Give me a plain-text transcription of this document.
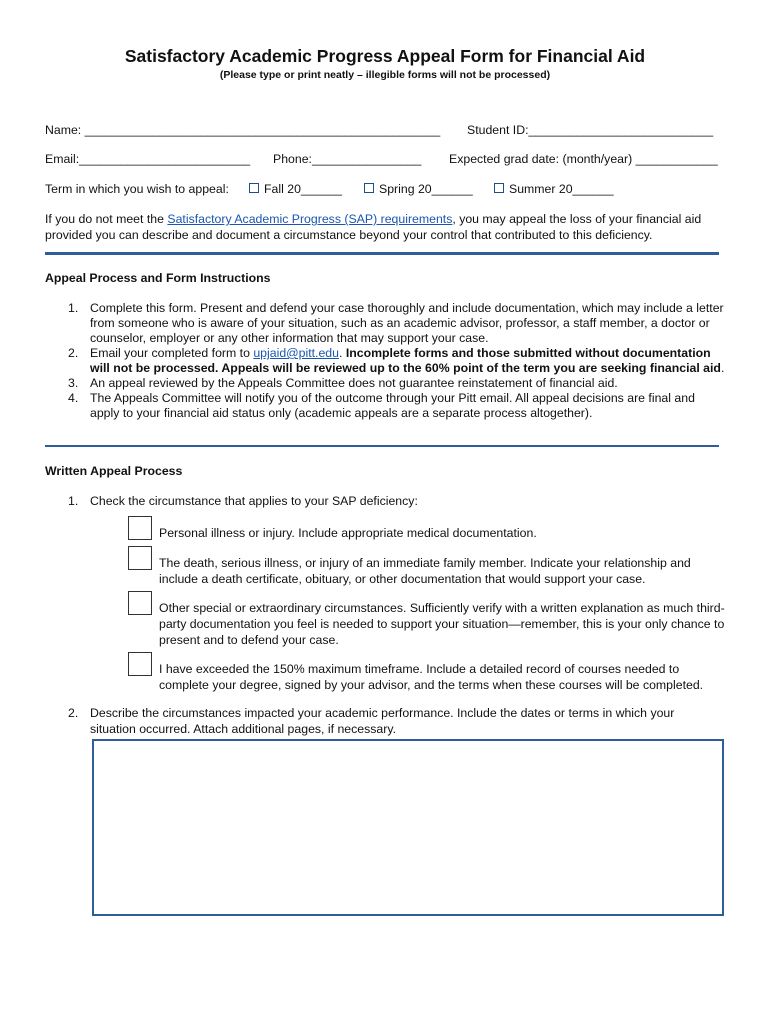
Satisfactory Academic Progress Appeal Form for Financial Aid
(Please type or print neatly – illegible forms will not be processed)
Name: ____________________________________________________ Student ID:___________________________
Email:_________________________ Phone:________________ Expected grad date: (month/year) ____________
Term in which you wish to appeal:	Fall 20______	Spring 20______	Summer 20______
If you do not meet the Satisfactory Academic Progress (SAP) requirements, you may appeal the loss of your financial aid provided you can describe and document a circumstance beyond your control that contributed to this deficiency.
Appeal Process and Form Instructions
1. Complete this form. Present and defend your case thoroughly and include documentation, which may include a letter from someone who is aware of your situation, such as an academic advisor, professor, a staff member, a doctor or counselor, employer or any other information that may support your case.
2. Email your completed form to upjaid@pitt.edu. Incomplete forms and those submitted without documentation will not be processed. Appeals will be reviewed up to the 60% point of the term you are seeking financial aid.
3. An appeal reviewed by the Appeals Committee does not guarantee reinstatement of financial aid.
4. The Appeals Committee will notify you of the outcome through your Pitt email. All appeal decisions are final and apply to your financial aid status only (academic appeals are a separate process altogether).
Written Appeal Process
1. Check the circumstance that applies to your SAP deficiency:
Personal illness or injury. Include appropriate medical documentation.
The death, serious illness, or injury of an immediate family member. Indicate your relationship and include a death certificate, obituary, or other documentation that would support your case.
Other special or extraordinary circumstances. Sufficiently verify with a written explanation as much third-party documentation you feel is needed to support your situation—remember, this is your only chance to present and to defend your case.
I have exceeded the 150% maximum timeframe. Include a detailed record of courses needed to complete your degree, signed by your advisor, and the terms when these courses will be completed.
2. Describe the circumstances impacted your academic performance. Include the dates or terms in which your situation occurred. Attach additional pages, if necessary.
